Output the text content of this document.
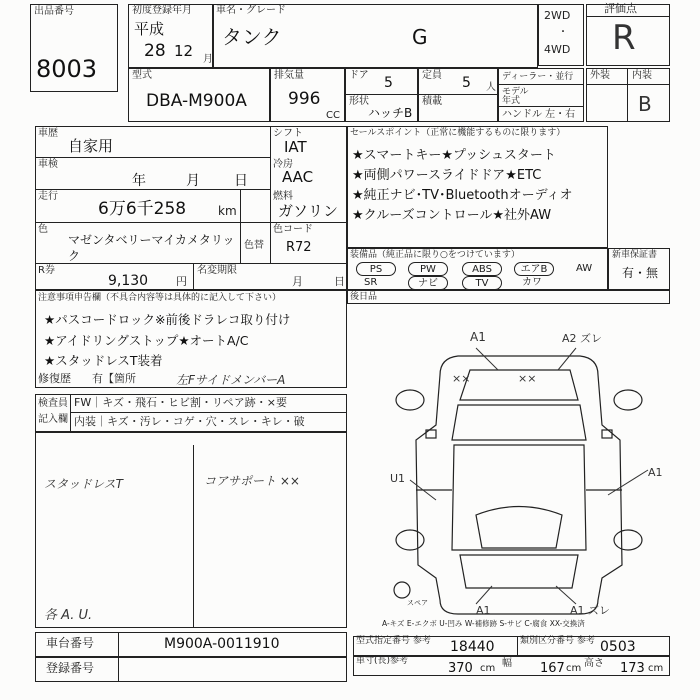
出品番号
8003
初度登録年月
平成
28 12 月
車名・グレード
タンク	G
2WD
・
4WD
評価点
R
型式
DBA-M900A
排気量
996
CC
ドア 5
形状
ハッチB
定員 5 人
積載
ディーラー・並行
モデル年式
ハンドル 左・右
外装 内装
B
車歴
自家用
車検
年	月 日
走行
6万6千258	km
色
マゼンタベリーマイカメタリック
色替
R券
9,130	円
名変期限
月	日
シフト
IAT
冷房
AAC
燃料
ガソリン
色コード
R72
セールスポイント（正常に機能するものに限ります）
★スマートキー★プッシュスタート
★両側パワースライドドア★ETC
★純正ナビ･TV･Bluetoothオーディオ
★クルーズコントロール★社外AW
装備品（純正品に限り○をつけています）
PS	PW	ABS	エアB	AW
SR	ナビ	TV	カワ
新車保証書
有・無
注意事項申告欄（不具合内容等は具体的に記入して下さい）
★パスコードロック※前後ドラレコ取り付け
★アイドリングストップ★オートA/C
★スタッドレスT装着
修復歴 有【箇所	左FサイドメンバーA
後日品
検査員
記入欄
FW｜キズ・飛石・ヒビ割・リペア跡・×要
内装｜キズ・汚レ・コゲ・穴・スレ・キレ・破
スタッドレスT	コアサポート ××
各 A. U.
A1	A2 ズレ
××	××
U1	A1
A1	A1 ズレ
スペア
A-キズ E-エクボ U-凹み W-補修跡 S-サビ C-腐食 XX-交換済
車台番号	M900A-0011910
登録番号
型式指定番号 参考 18440	類別区分番号 参考 0503
車寸(長)参考	370 cm 幅 167 cm 高さ 173 cm
